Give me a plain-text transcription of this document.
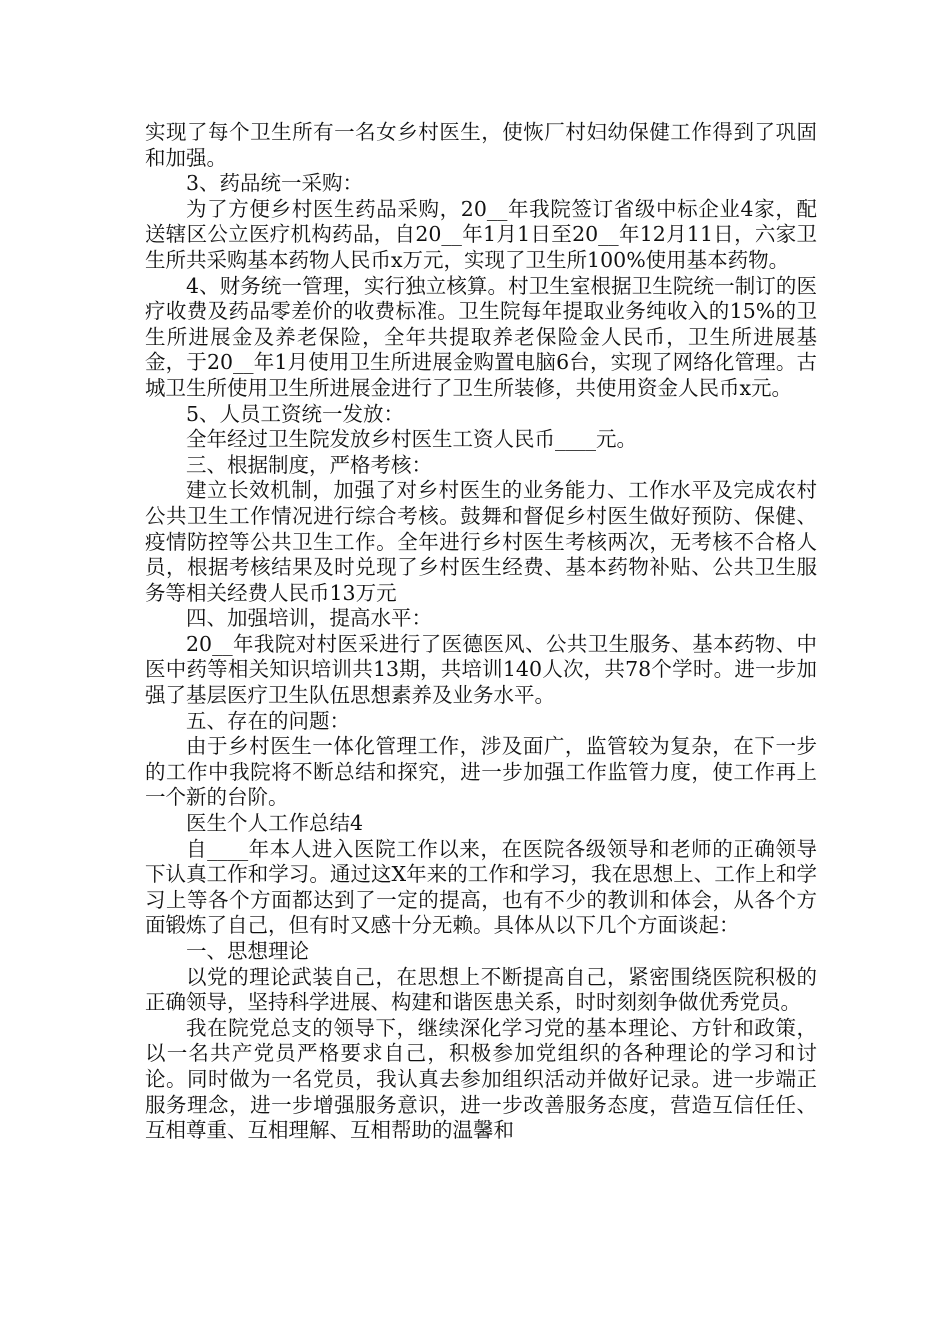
实现了每个卫生所有一名女乡村医生，使恢厂村妇幼保健工作得到了巩固和加强。

3、药品统一采购：

为了方便乡村医生药品采购，20__年我院签订省级中标企业4家，配送辖区公立医疗机构药品，自20__年1月1日至20__年12月11日，六家卫生所共采购基本药物人民币x万元，实现了卫生所100%使用基本药物。

4、财务统一管理，实行独立核算。村卫生室根据卫生院统一制订的医疗收费及药品零差价的收费标准。卫生院每年提取业务纯收入的15%的卫生所进展金及养老保险，全年共提取养老保险金人民币，卫生所进展基金，于20__年1月使用卫生所进展金购置电脑6台，实现了网络化管理。古城卫生所使用卫生所进展金进行了卫生所装修，共使用资金人民币x元。

5、人员工资统一发放：

全年经过卫生院发放乡村医生工资人民币____元。

三、根据制度，严格考核：

建立长效机制，加强了对乡村医生的业务能力、工作水平及完成农村公共卫生工作情况进行综合考核。鼓舞和督促乡村医生做好预防、保健、疫情防控等公共卫生工作。全年进行乡村医生考核两次，无考核不合格人员，根据考核结果及时兑现了乡村医生经费、基本药物补贴、公共卫生服务等相关经费人民币13万元

四、加强培训，提高水平：

20__年我院对村医采进行了医德医风、公共卫生服务、基本药物、中医中药等相关知识培训共13期，共培训140人次，共78个学时。进一步加强了基层医疗卫生队伍思想素养及业务水平。

五、存在的问题：

由于乡村医生一体化管理工作，涉及面广，监管较为复杂，在下一步的工作中我院将不断总结和探究，进一步加强工作监管力度，使工作再上一个新的台阶。

医生个人工作总结4

自____年本人进入医院工作以来，在医院各级领导和老师的正确领导下认真工作和学习。通过这X年来的工作和学习，我在思想上、工作上和学习上等各个方面都达到了一定的提高，也有不少的教训和体会，从各个方面锻炼了自己，但有时又感十分无赖。具体从以下几个方面谈起：

一、思想理论

以党的理论武装自己，在思想上不断提高自己，紧密围绕医院积极的正确领导，坚持科学进展、构建和谐医患关系，时时刻刻争做优秀党员。

我在院党总支的领导下，继续深化学习党的基本理论、方针和政策，以一名共产党员严格要求自己，积极参加党组织的各种理论的学习和讨论。同时做为一名党员，我认真去参加组织活动并做好记录。进一步端正服务理念，进一步增强服务意识，进一步改善服务态度，营造互信任任、互相尊重、互相理解、互相帮助的温馨和
